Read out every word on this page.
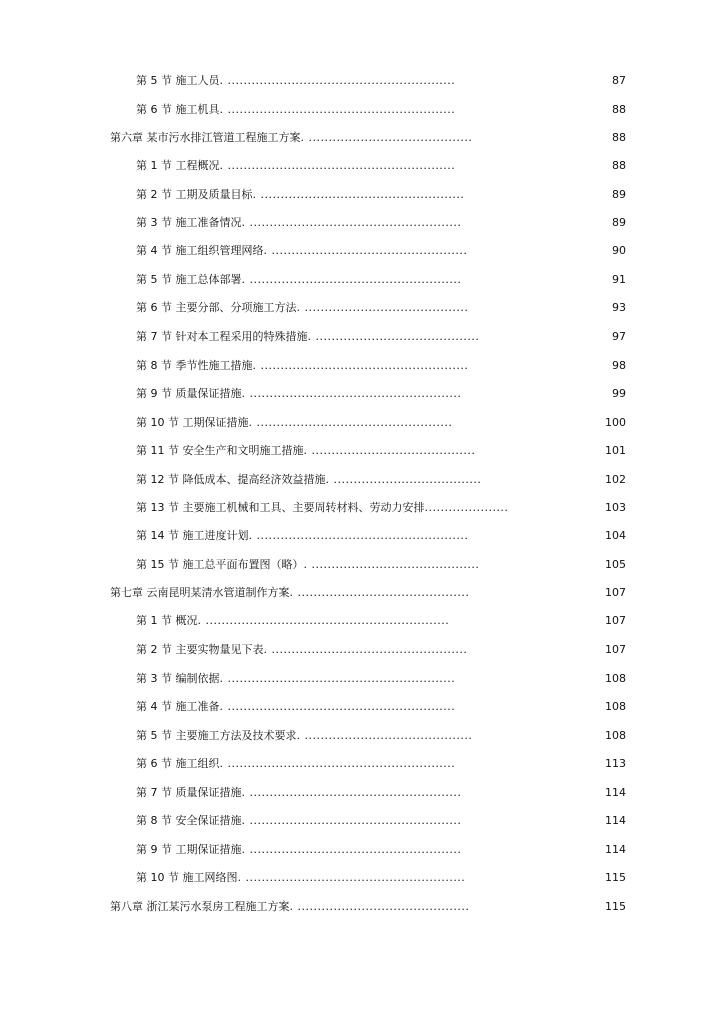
第 5 节 施工人员 . .........................................................	87
第 6 节 施工机具 . .........................................................	88
第六章 某市污水排江管道工程施工方案 . .........................................	88
第 1 节 工程概况 . .........................................................	88
第 2 节 工期及质量目标 . ...................................................	89
第 3 节 施工准备情况 . .....................................................	89
第 4 节 施工组织管理网络 . .................................................	90
第 5 节 施工总体部署 . .....................................................	91
第 6 节 主要分部、分项施工方法 . .........................................	93
第 7 节 针对本工程采用的特殊措施 . .........................................	97
第 8 节 季节性施工措施 . ....................................................	98
第 9 节 质量保证措施 . .....................................................	99
第 10 节 工期保证措施 . .................................................	100
第 11 节 安全生产和文明施工措施 . .........................................	101
第 12 节 降低成本、提高经济效益措施 . .....................................	102
第 13 节 主要施工机械和工具、主要周转材料、劳动力安排 .....................	103
第 14 节 施工进度计划 . .....................................................	104
第 15 节 施工总平面布置图（略） . ..........................................	105
第七章 云南昆明某清水管道制作方案 . ...........................................	107
第 1 节 概况 . .............................................................	107
第 2 节 主要实物量见下表 . .................................................	107
第 3 节 编制依据 . .........................................................	108
第 4 节 施工准备 . .........................................................	108
第 5 节 主要施工方法及技术要求 . ..........................................	108
第 6 节 施工组织 . .........................................................	113
第 7 节 质量保证措施 . .....................................................	114
第 8 节 安全保证措施 . .....................................................	114
第 9 节 工期保证措施 . .....................................................	114
第 10 节 施工网络图 . .......................................................	115
第八章 浙江某污水泵房工程施工方案 . ...........................................	115
